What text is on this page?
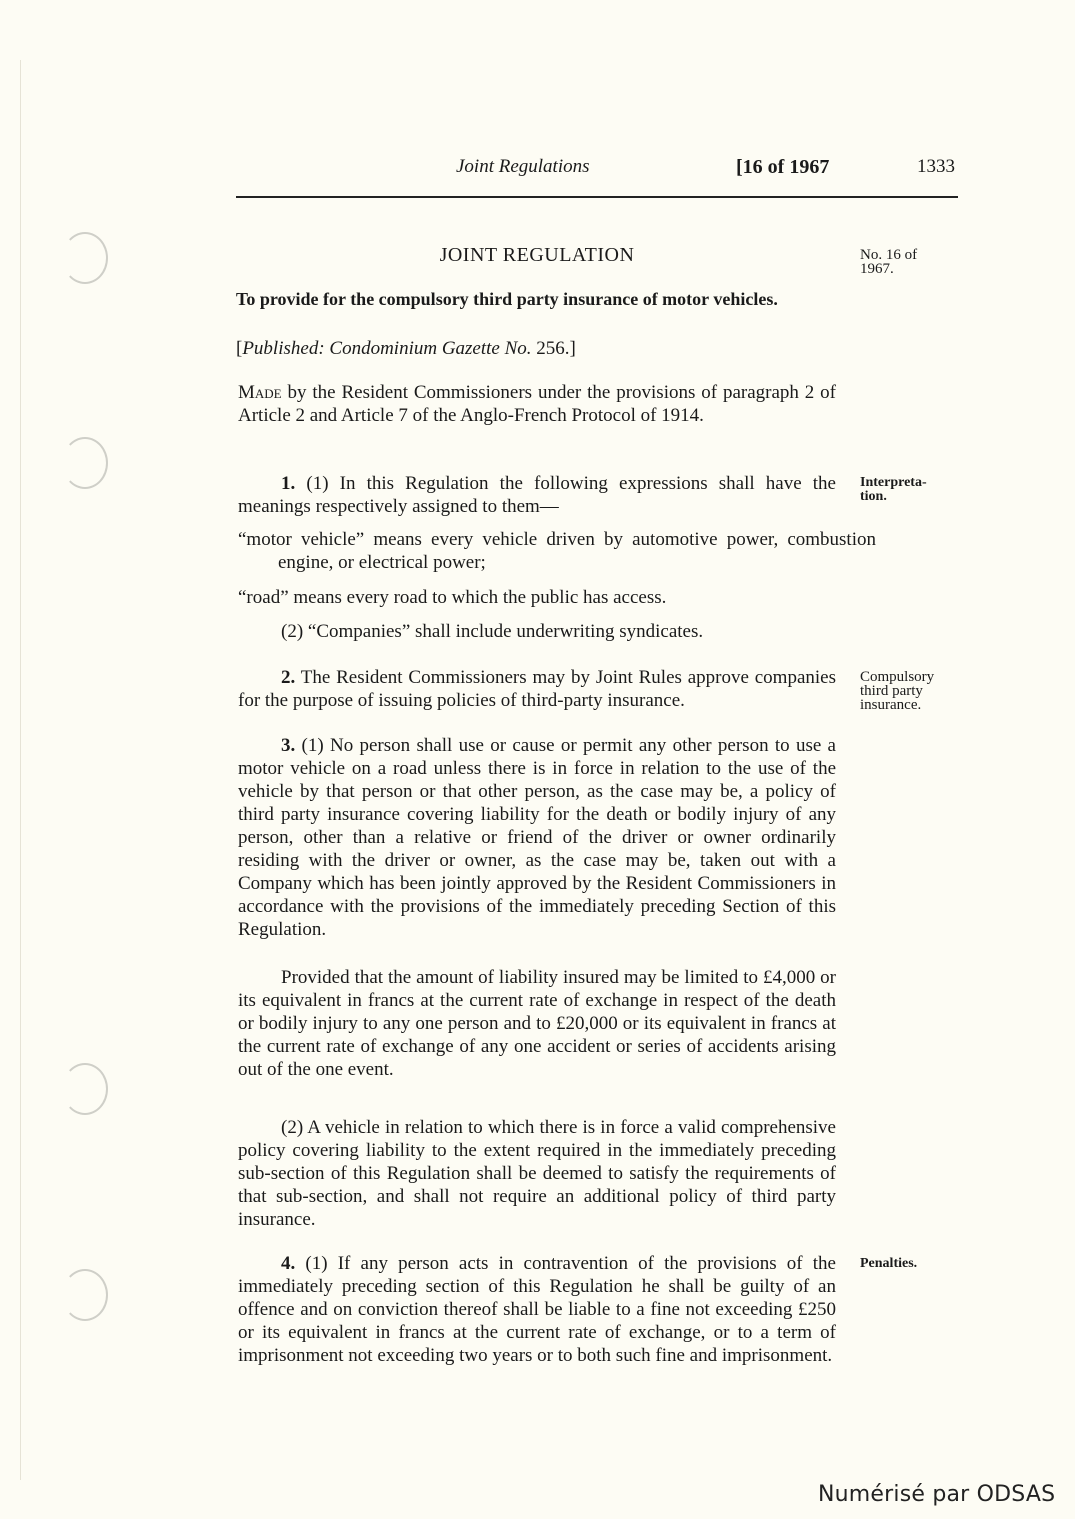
Joint Regulations	[16 of 1967	1333
JOINT REGULATION	No. 16 of
1967.
To provide for the compulsory third party insurance of motor vehicles.
[Published: Condominium Gazette No. 256.]
Made by the Resident Commissioners under the provisions of paragraph 2 of Article 2 and Article 7 of the Anglo-French Protocol of 1914.
1. (1) In this Regulation the following expressions shall have the meanings respectively assigned to them—
Interpreta-
tion.
“motor vehicle” means every vehicle driven by automotive power, combustion engine, or electrical power;
“road” means every road to which the public has access.
(2) “Companies” shall include underwriting syndicates.
2. The Resident Commissioners may by Joint Rules approve companies for the purpose of issuing policies of third-party insurance.
Compulsory
third party
insurance.
3. (1) No person shall use or cause or permit any other person to use a motor vehicle on a road unless there is in force in relation to the use of the vehicle by that person or that other person, as the case may be, a policy of third party insurance covering liability for the death or bodily injury of any person, other than a relative or friend of the driver or owner ordinarily residing with the driver or owner, as the case may be, taken out with a Company which has been jointly approved by the Resident Commissioners in accordance with the provisions of the immediately preceding Section of this Regulation.
Provided that the amount of liability insured may be limited to £4,000 or its equivalent in francs at the current rate of exchange in respect of the death or bodily injury to any one person and to £20,000 or its equivalent in francs at the current rate of exchange of any one accident or series of accidents arising out of the one event.
(2) A vehicle in relation to which there is in force a valid comprehensive policy covering liability to the extent required in the immediately preceding sub-section of this Regulation shall be deemed to satisfy the requirements of that sub-section, and shall not require an additional policy of third party insurance.
4. (1) If any person acts in contravention of the provisions of the immediately preceding section of this Regulation he shall be guilty of an offence and on conviction thereof shall be liable to a fine not exceeding £250 or its equivalent in francs at the current rate of exchange, or to a term of imprisonment not exceeding two years or to both such fine and imprisonment.
Penalties.
Numérisé par ODSAS
